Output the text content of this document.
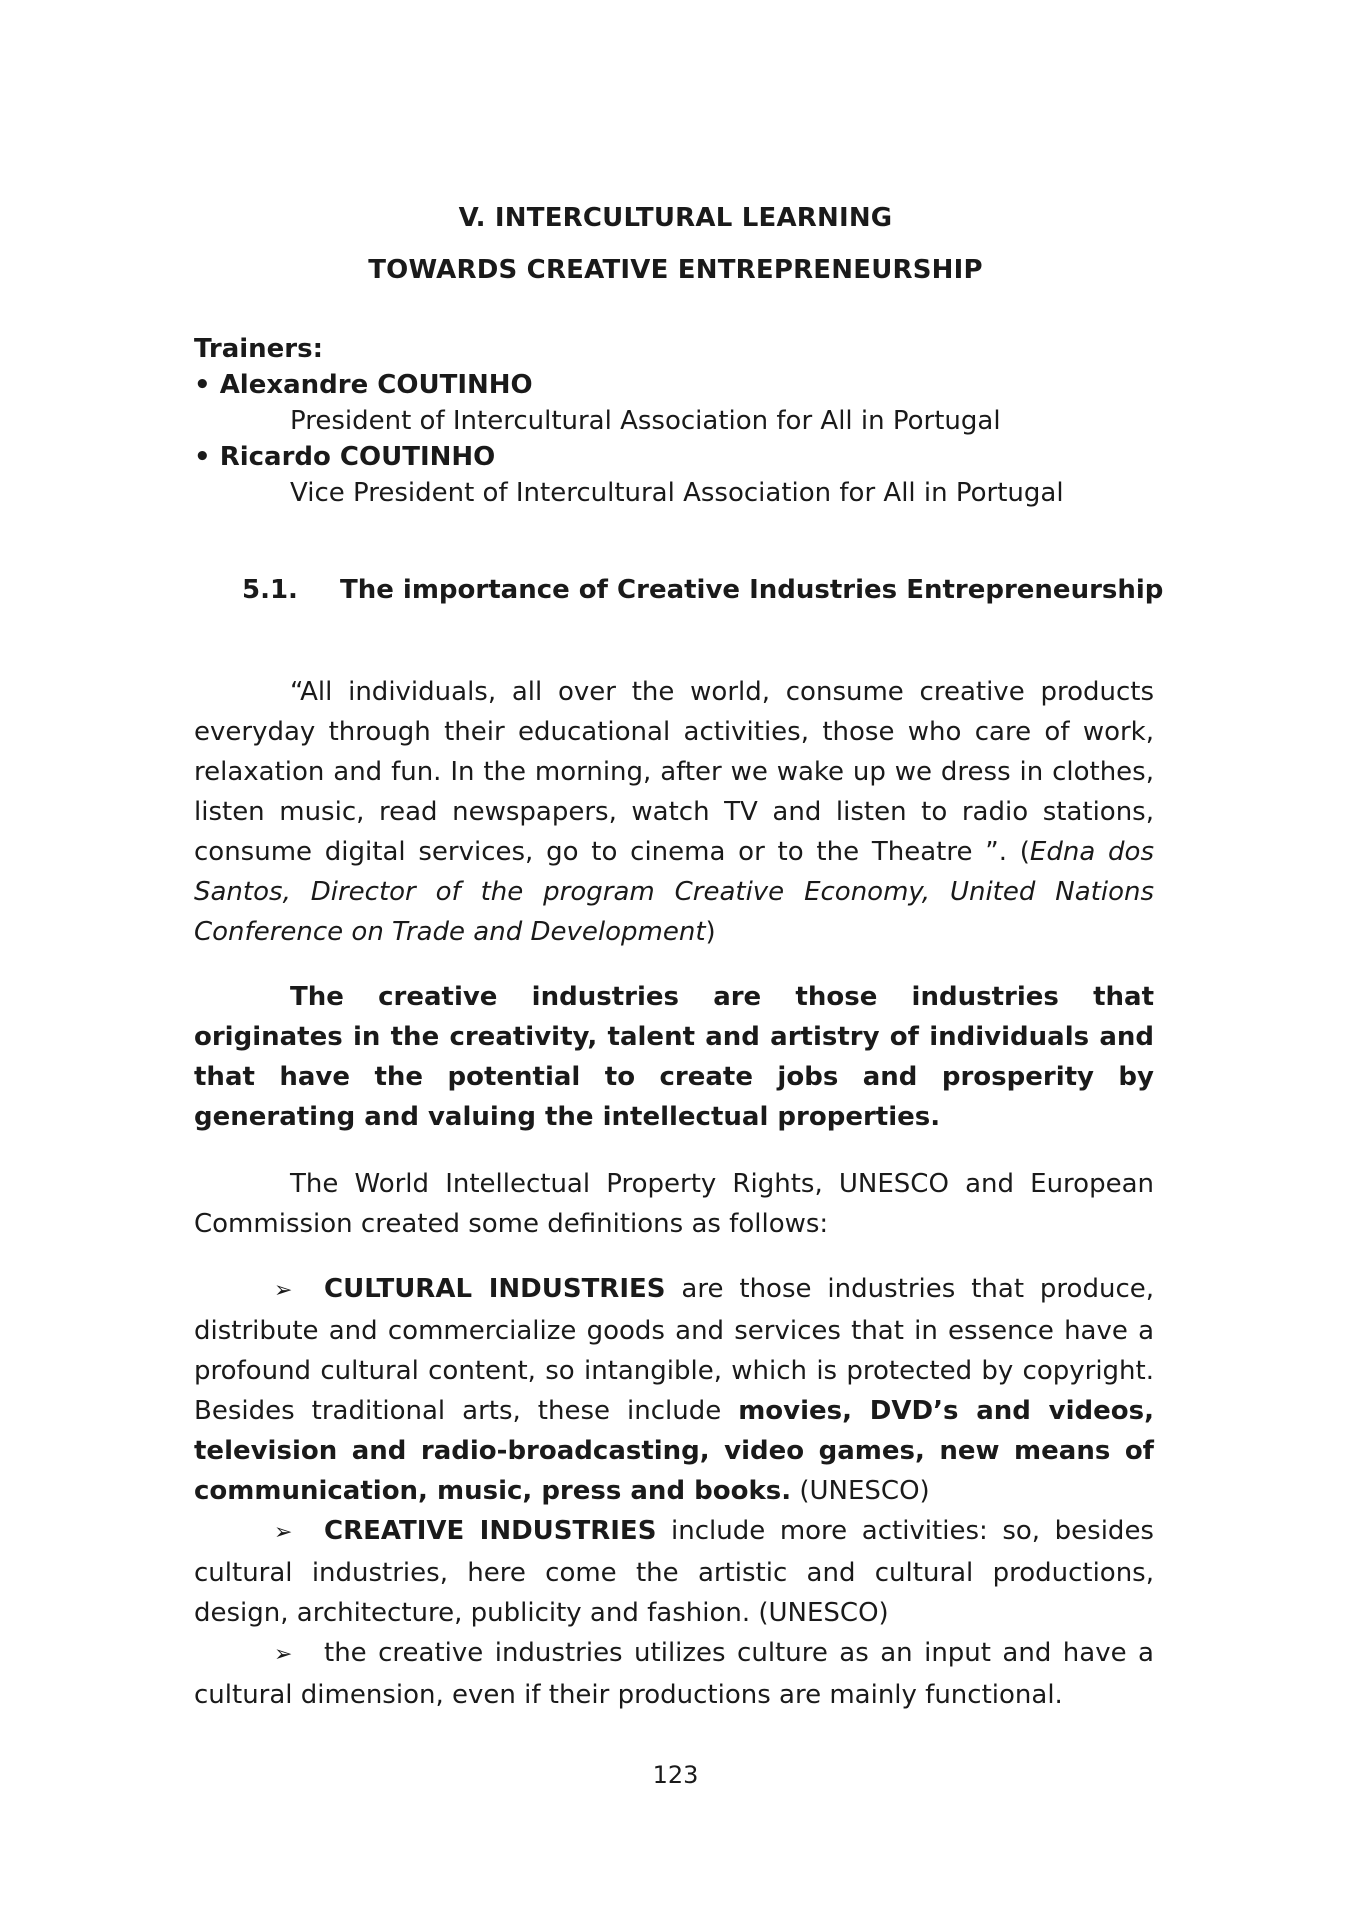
V. INTERCULTURAL LEARNING
TOWARDS CREATIVE ENTREPRENEURSHIP
Trainers:
• Alexandre COUTINHO
President of Intercultural Association for All in Portugal
• Ricardo COUTINHO
Vice President of Intercultural Association for All in Portugal
5.1. The importance of Creative Industries Entrepreneurship

“All individuals, all over the world, consume creative products everyday through their educational activities, those who care of work, relaxation and fun. In the morning, after we wake up we dress in clothes, listen music, read newspapers, watch TV and listen to radio stations, consume digital services, go to cinema or to the Theatre ”. (Edna dos Santos, Director of the program Creative Economy, United Nations Conference on Trade and Development)

The creative industries are those industries that originates in the creativity, talent and artistry of individuals and that have the potential to create jobs and prosperity by generating and valuing the intellectual properties.

The World Intellectual Property Rights, UNESCO and European Commission created some definitions as follows:

➢ CULTURAL INDUSTRIES are those industries that produce, distribute and commercialize goods and services that in essence have a profound cultural content, so intangible, which is protected by copyright. Besides traditional arts, these include movies, DVD’s and videos, television and radio-broadcasting, video games, new means of communication, music, press and books. (UNESCO)

➢ CREATIVE INDUSTRIES include more activities: so, besides cultural industries, here come the artistic and cultural productions, design, architecture, publicity and fashion. (UNESCO)

➢ the creative industries utilizes culture as an input and have a cultural dimension, even if their productions are mainly functional.

123
